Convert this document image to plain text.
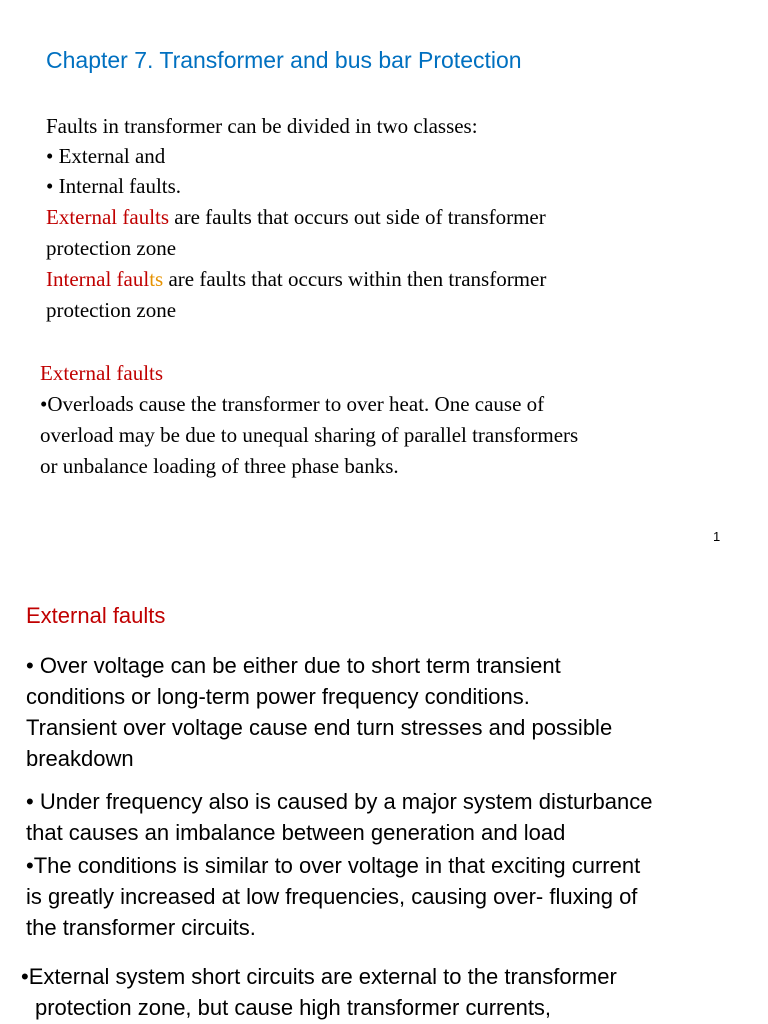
Chapter 7. Transformer and bus bar Protection

Faults in transformer can be divided in two classes:

• External and

• Internal faults.

External faults are faults that occurs out side of transformer

protection zone

Internal faults are faults that occurs within then transformer

protection zone

External faults

•Overloads cause the transformer to over heat. One cause of

overload may be due to unequal sharing of parallel transformers

or unbalance loading of three phase banks.

1

External faults

• Over voltage can be either due to short term transient

conditions or long-term power frequency conditions.

Transient over voltage cause end turn stresses and possible

breakdown

• Under frequency also is caused by a major system disturbance

that causes an imbalance between generation and load

•The conditions is similar to over voltage in that exciting current

is greatly increased at low frequencies, causing over- fluxing of

the transformer circuits.

•External system short circuits are external to the transformer

protection zone, but cause high transformer currents,
